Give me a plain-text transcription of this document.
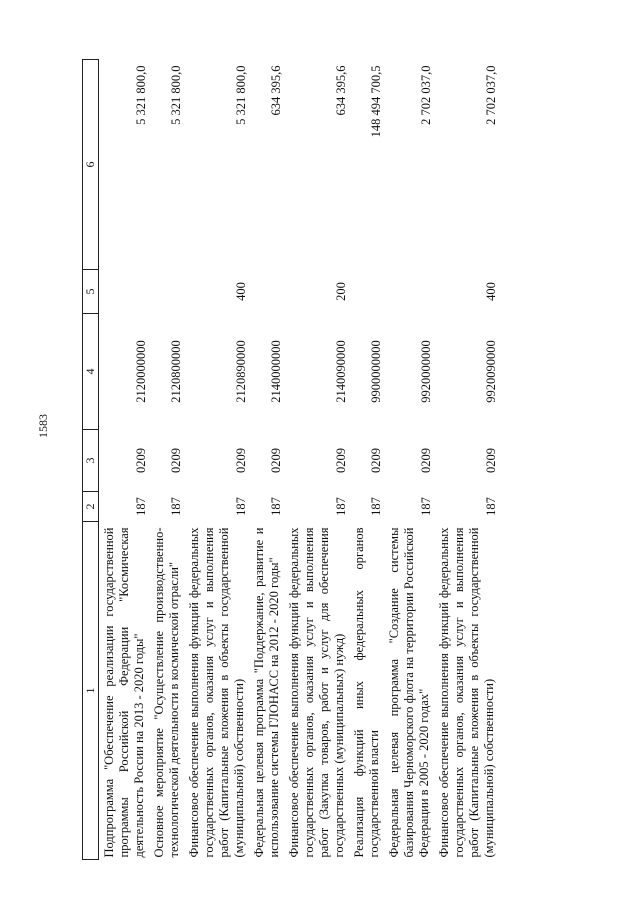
1583
1	2	3	4	5	6
Подпрограмма "Обеспечение реализации государственной программы Российской Федерации "Космическая деятельность России на 2013 - 2020 годы"	187	0209	2120000000		5 321 800,0
Основное мероприятие "Осуществление производственно-технологической деятельности в космической отрасли"	187	0209	2120800000		5 321 800,0
Финансовое обеспечение выполнения функций федеральных государственных органов, оказания услуг и выполнения работ (Капитальные вложения в объекты государственной (муниципальной) собственности)	187	0209	2120890000	400	5 321 800,0
Федеральная целевая программа "Поддержание, развитие и использование системы ГЛОНАСС на 2012 - 2020 годы"	187	0209	2140000000		634 395,6
Финансовое обеспечение выполнения функций федеральных государственных органов, оказания услуг и выполнения работ (Закупка товаров, работ и услуг для обеспечения государственных (муниципальных) нужд)	187	0209	2140090000	200	634 395,6
Реализация функций иных федеральных органов государственной власти	187	0209	9900000000		148 494 700,5
Федеральная целевая программа "Создание системы базирования Черноморского флота на территории Российской Федерации в 2005 - 2020 годах"	187	0209	9920000000		2 702 037,0
Финансовое обеспечение выполнения функций федеральных государственных органов, оказания услуг и выполнения работ (Капитальные вложения в объекты государственной (муниципальной) собственности)	187	0209	9920090000	400	2 702 037,0
